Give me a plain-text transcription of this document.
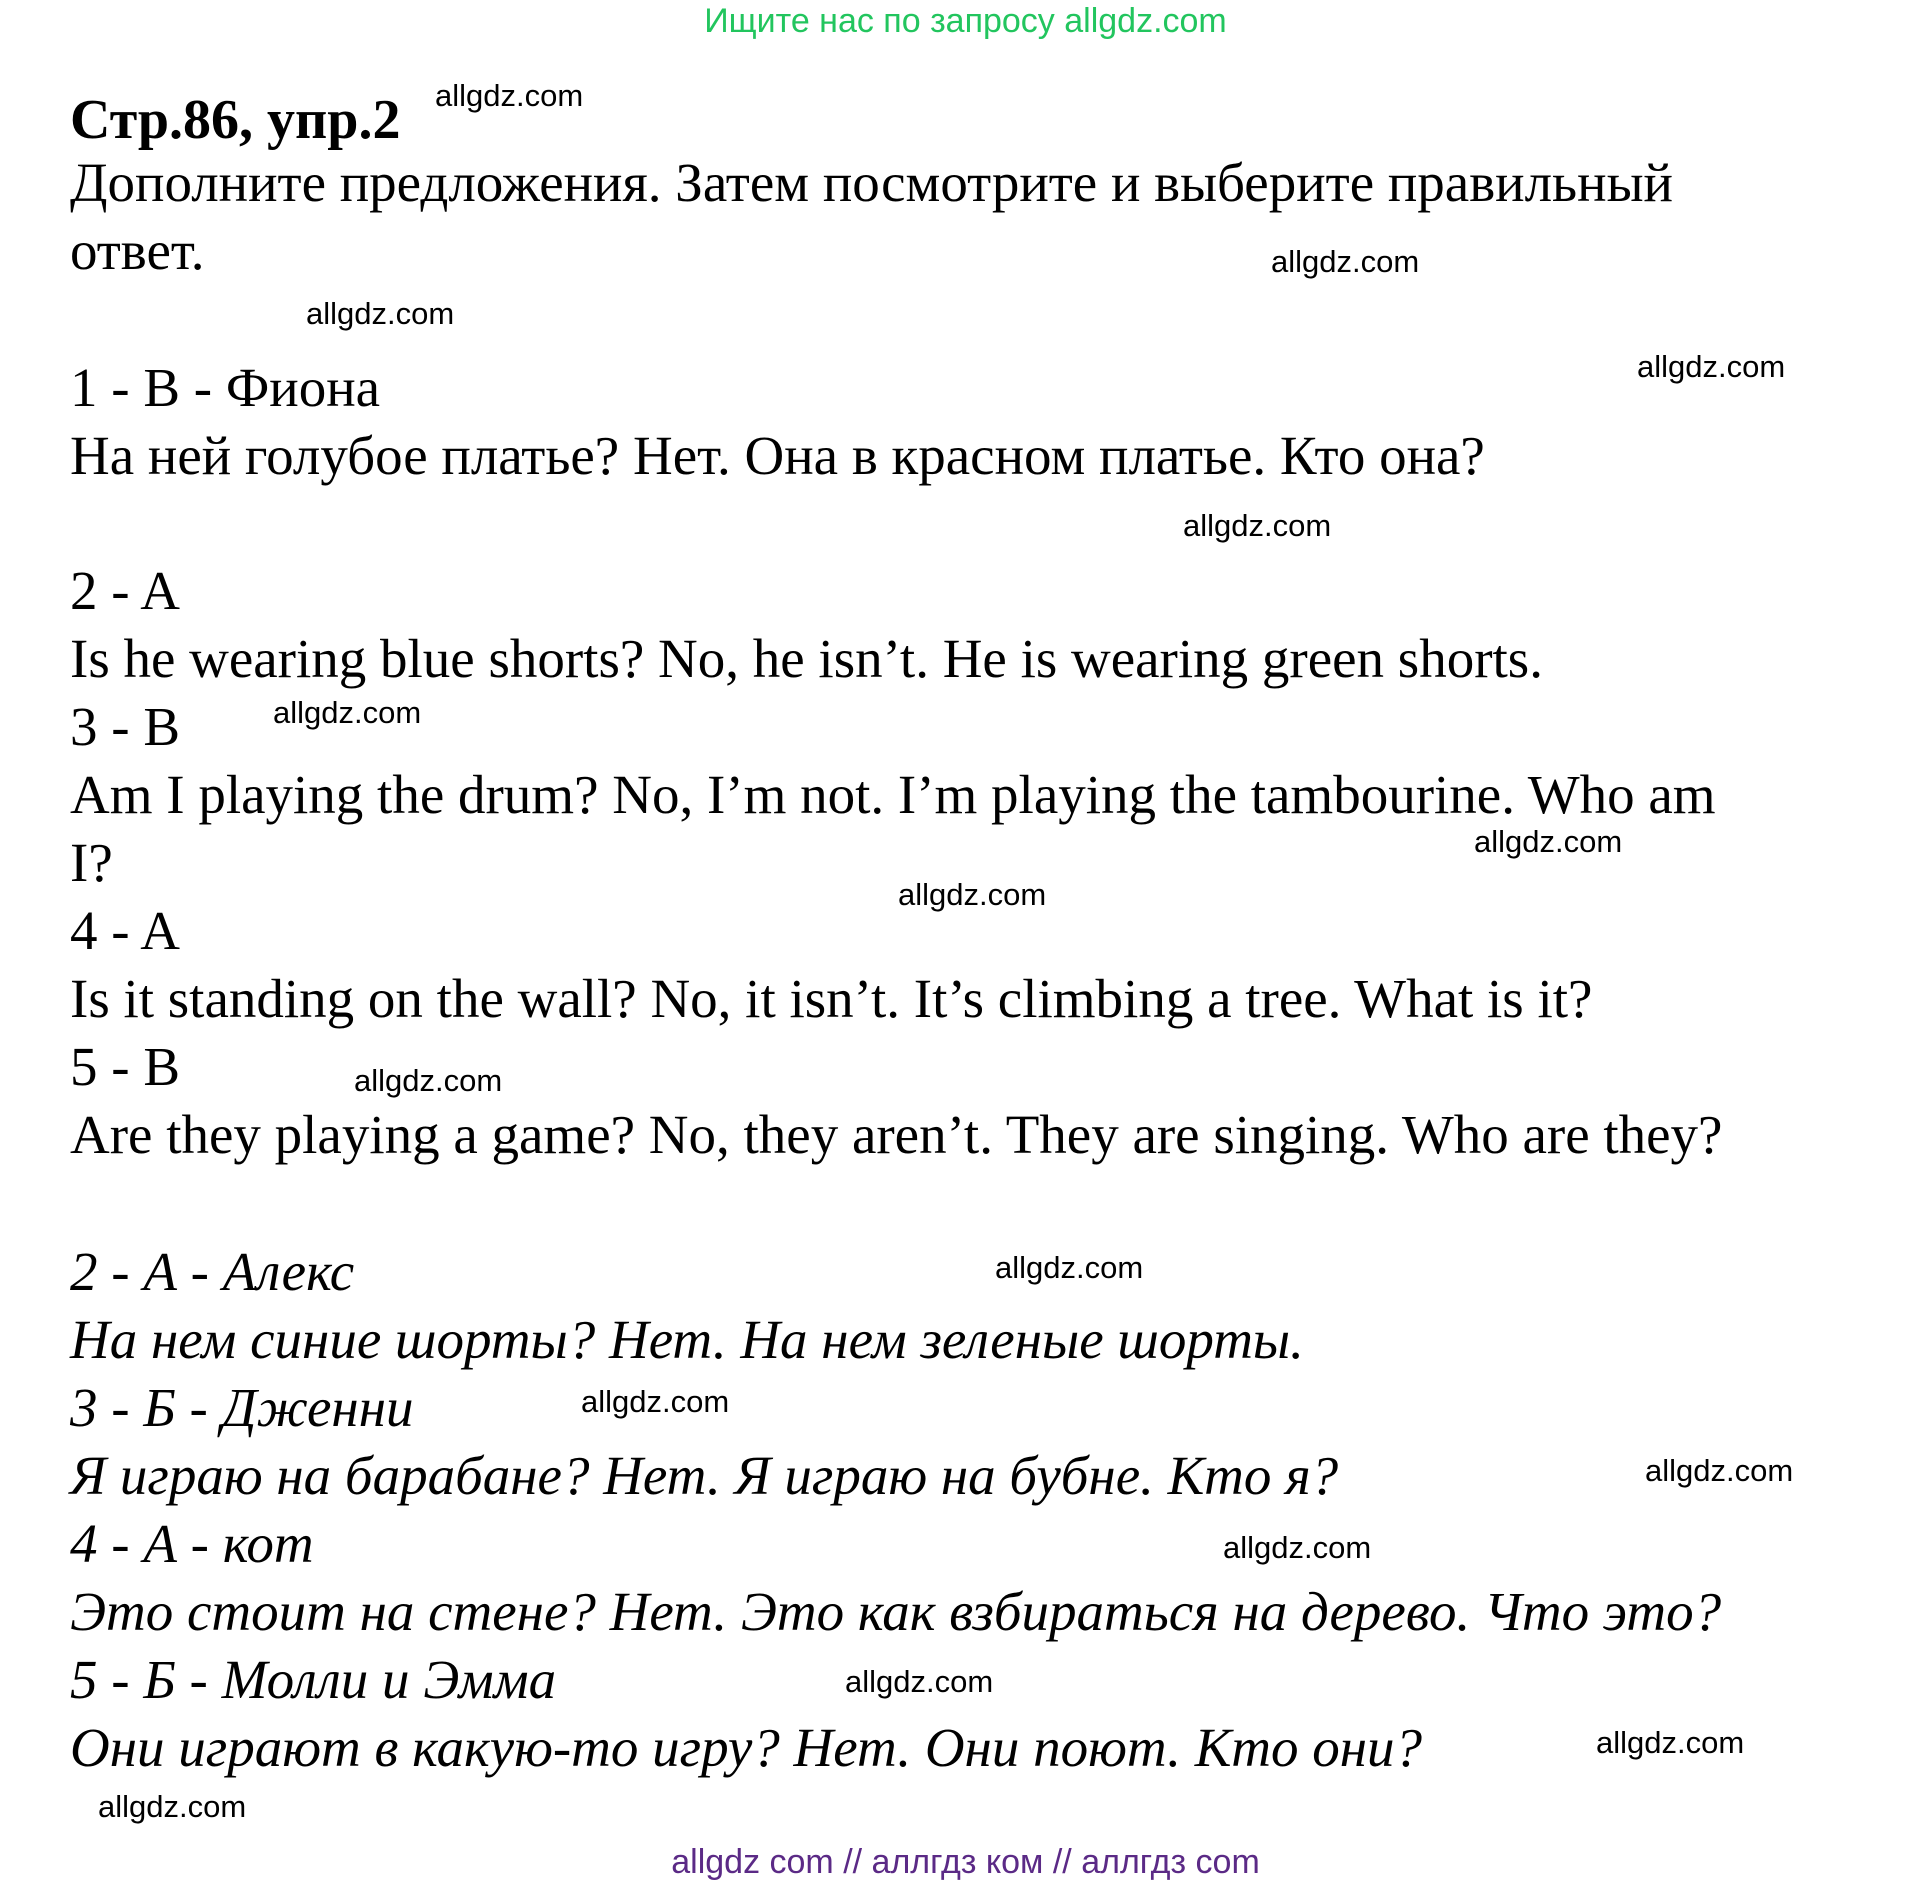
Ищите нас по запросу allgdz.com
Стр.86, упр.2
Дополните предложения. Затем посмотрите и выберите правильный
ответ.
1 - В - Фиона
На ней голубое платье? Нет. Она в красном платье. Кто она?
2 - A
Is he wearing blue shorts? No, he isn’t. He is wearing green shorts.
3 - B
Am I playing the drum? No, I’m not. I’m playing the tambourine. Who am
I?
4 - A
Is it standing on the wall? No, it isn’t. It’s climbing a tree. What is it?
5 - B
Are they playing a game? No, they aren’t. They are singing. Who are they?
2 - А - Алекс
На нем синие шорты? Нет. На нем зеленые шорты.
3 - Б - Дженни
Я играю на барабане? Нет. Я играю на бубне. Кто я?
4 - А - кот
Это стоит на стене? Нет. Это как взбираться на дерево. Что это?
5 - Б - Молли и Эмма
Они играют в какую-то игру? Нет. Они поют. Кто они?
allgdz.com
allgdz.com
allgdz.com
allgdz.com
allgdz.com
allgdz.com
allgdz.com
allgdz.com
allgdz.com
allgdz.com
allgdz.com
allgdz.com
allgdz.com
allgdz.com
allgdz.com
allgdz.com
allgdz com // аллгдз ком // аллгдз com
